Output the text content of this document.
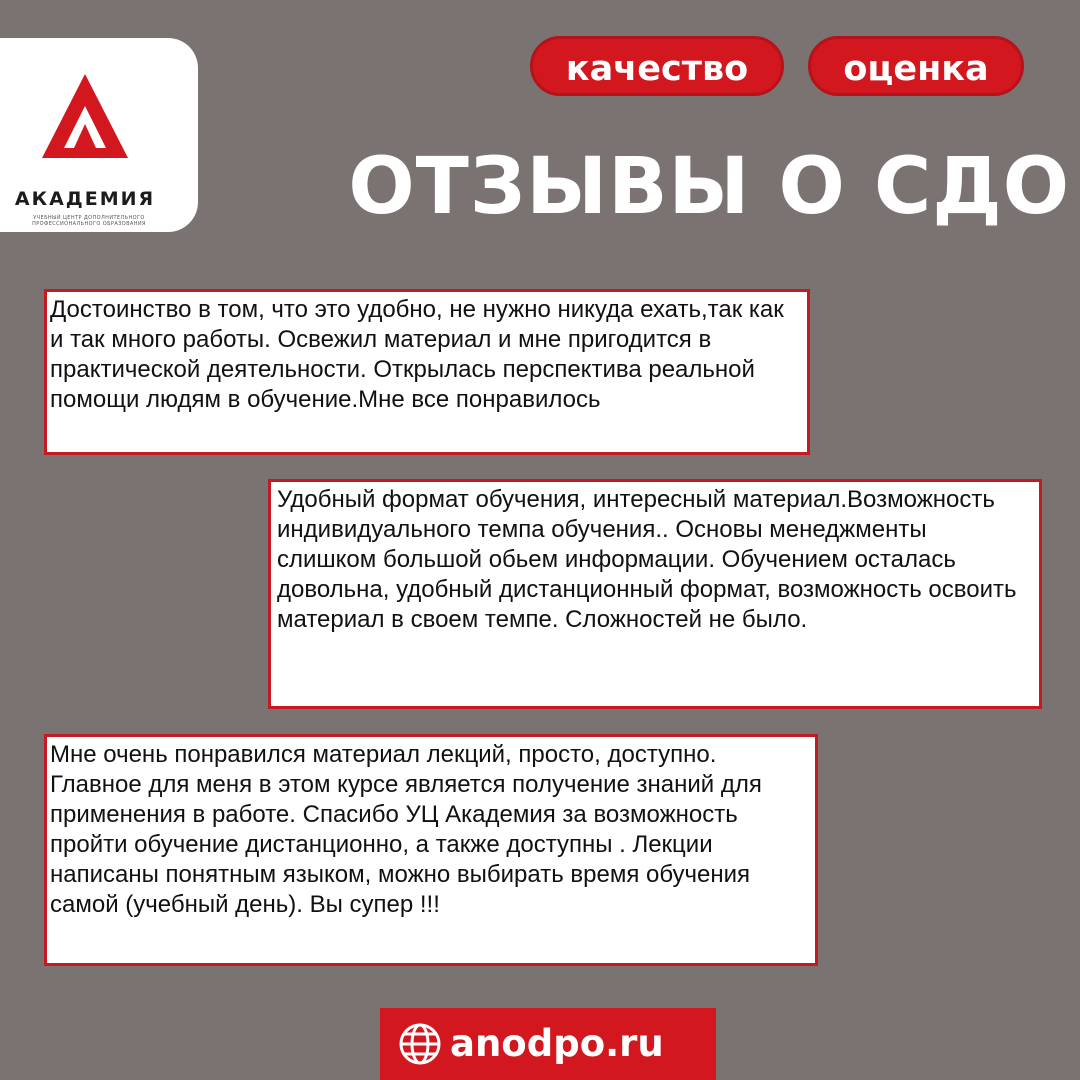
АКАДЕМИЯ
УЧЕБНЫЙ ЦЕНТР ДОПОЛНИТЕЛЬНОГО ПРОФЕССИОНАЛЬНОГО ОБРАЗОВАНИЯ
качество	оценка
ОТЗЫВЫ О СДО
Достоинство в том, что это удобно, не нужно никуда ехать,так как и так много работы. Освежил материал и мне пригодится в практической деятельности. Открылась перспектива реальной помощи людям в обучение.Мне все понравилось
Удобный формат обучения, интересный материал.Возможность индивидуального темпа обучения.. Основы менеджменты слишком большой обьем информации. Обучением осталась довольна, удобный дистанционный формат, возможность освоить материал в своем темпе. Сложностей не было.
Мне очень понравился материал лекций, просто, доступно. Главное для меня в этом курсе является получение знаний для применения в работе. Спасибо УЦ Академия за возможность пройти обучение дистанционно, а также доступны . Лекции написаны понятным языком, можно выбирать время обучения самой (учебный день). Вы супер !!!
anodpo.ru
